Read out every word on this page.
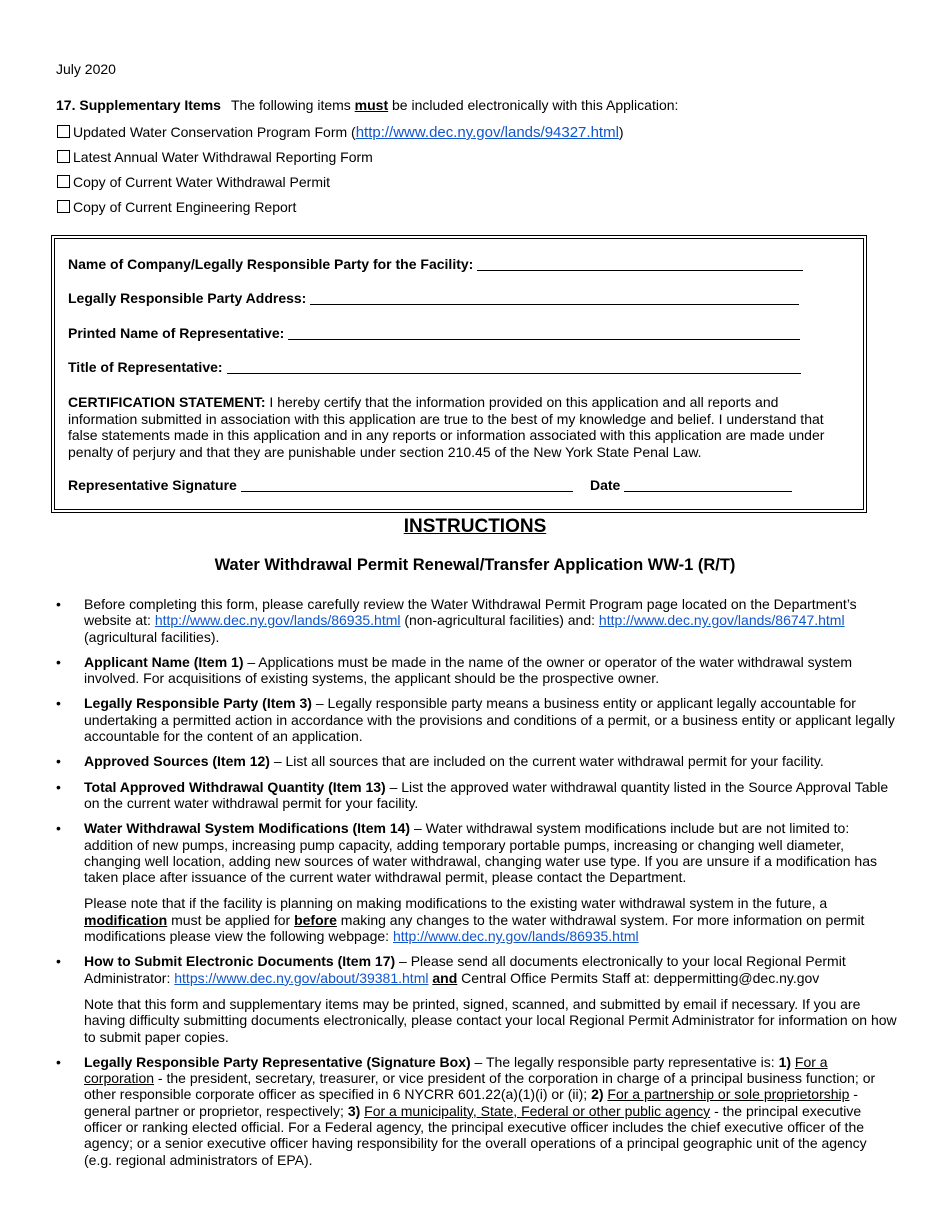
July 2020
17. Supplementary Items The following items must be included electronically with this Application:
Updated Water Conservation Program Form (http://www.dec.ny.gov/lands/94327.html)
Latest Annual Water Withdrawal Reporting Form
Copy of Current Water Withdrawal Permit
Copy of Current Engineering Report
Name of Company/Legally Responsible Party for the Facility:
Legally Responsible Party Address:
Printed Name of Representative:
Title of Representative:
CERTIFICATION STATEMENT: I hereby certify that the information provided on this application and all reports and information submitted in association with this application are true to the best of my knowledge and belief. I understand that false statements made in this application and in any reports or information associated with this application are made under penalty of perjury and that they are punishable under section 210.45 of the New York State Penal Law.
Representative Signature	Date
INSTRUCTIONS
Water Withdrawal Permit Renewal/Transfer Application WW-1 (R/T)
• Before completing this form, please carefully review the Water Withdrawal Permit Program page located on the Department’s website at: http://www.dec.ny.gov/lands/86935.html (non-agricultural facilities) and: http://www.dec.ny.gov/lands/86747.html (agricultural facilities).
• Applicant Name (Item 1) – Applications must be made in the name of the owner or operator of the water withdrawal system involved. For acquisitions of existing systems, the applicant should be the prospective owner.
• Legally Responsible Party (Item 3) – Legally responsible party means a business entity or applicant legally accountable for undertaking a permitted action in accordance with the provisions and conditions of a permit, or a business entity or applicant legally accountable for the content of an application.
• Approved Sources (Item 12) – List all sources that are included on the current water withdrawal permit for your facility.
• Total Approved Withdrawal Quantity (Item 13) – List the approved water withdrawal quantity listed in the Source Approval Table on the current water withdrawal permit for your facility.
• Water Withdrawal System Modifications (Item 14) – Water withdrawal system modifications include but are not limited to: addition of new pumps, increasing pump capacity, adding temporary portable pumps, increasing or changing well diameter, changing well location, adding new sources of water withdrawal, changing water use type. If you are unsure if a modification has taken place after issuance of the current water withdrawal permit, please contact the Department.
Please note that if the facility is planning on making modifications to the existing water withdrawal system in the future, a modification must be applied for before making any changes to the water withdrawal system. For more information on permit modifications please view the following webpage: http://www.dec.ny.gov/lands/86935.html
• How to Submit Electronic Documents (Item 17) – Please send all documents electronically to your local Regional Permit Administrator: https://www.dec.ny.gov/about/39381.html and Central Office Permits Staff at: deppermitting@dec.ny.gov
Note that this form and supplementary items may be printed, signed, scanned, and submitted by email if necessary. If you are having difficulty submitting documents electronically, please contact your local Regional Permit Administrator for information on how to submit paper copies.
• Legally Responsible Party Representative (Signature Box) – The legally responsible party representative is: 1) For a corporation - the president, secretary, treasurer, or vice president of the corporation in charge of a principal business function; or other responsible corporate officer as specified in 6 NYCRR 601.22(a)(1)(i) or (ii); 2) For a partnership or sole proprietorship - general partner or proprietor, respectively; 3) For a municipality, State, Federal or other public agency - the principal executive officer or ranking elected official. For a Federal agency, the principal executive officer includes the chief executive officer of the agency; or a senior executive officer having responsibility for the overall operations of a principal geographic unit of the agency (e.g. regional administrators of EPA).
